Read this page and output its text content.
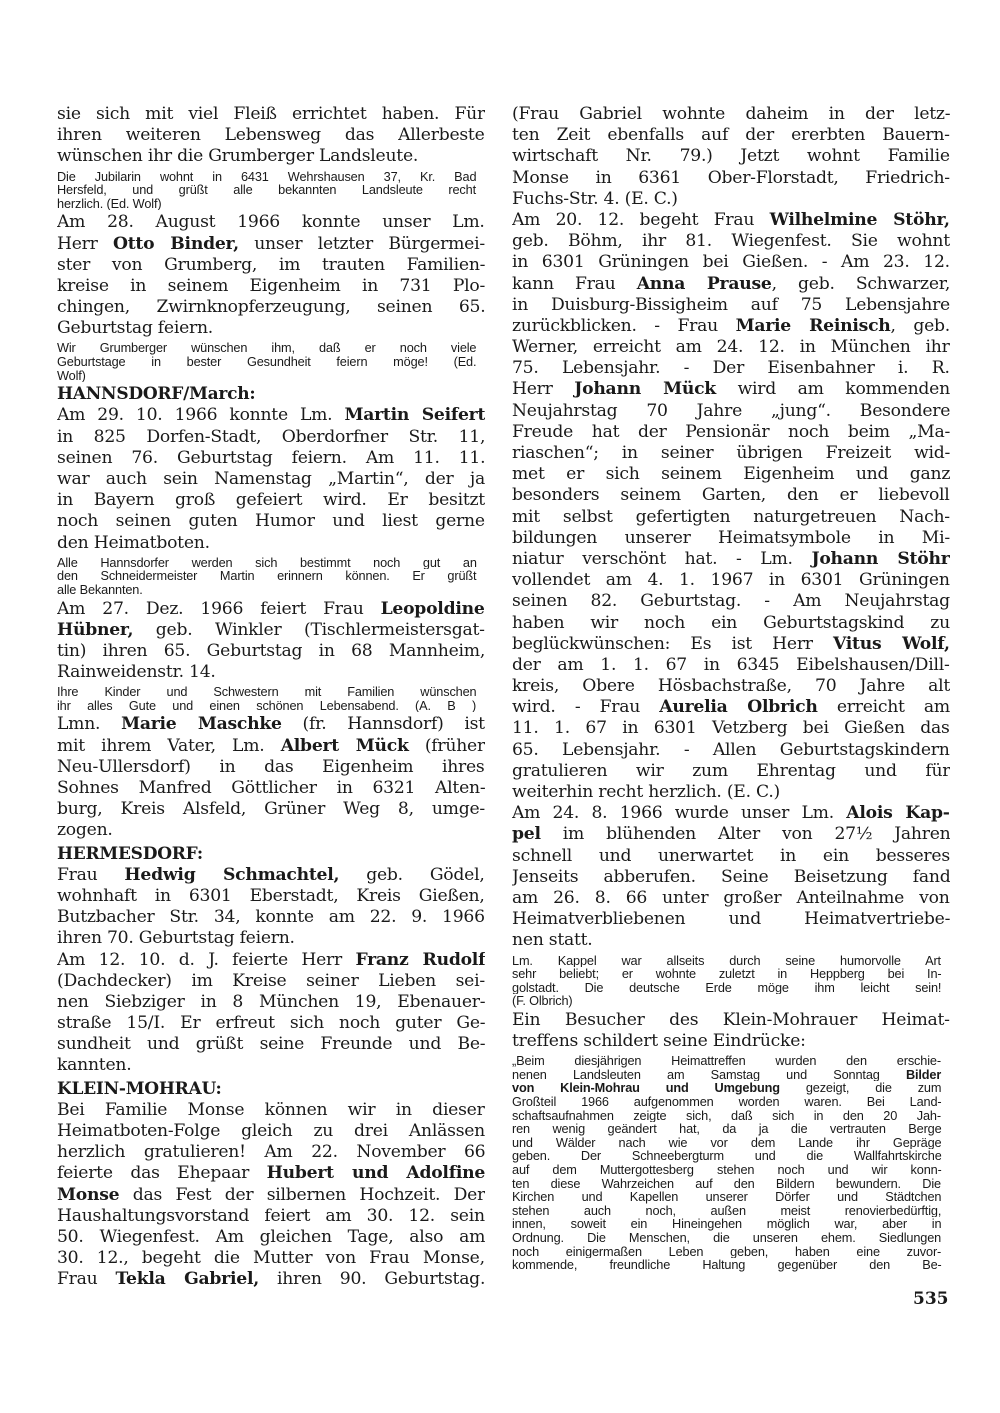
sie sich mit viel Fleiß errichtet haben. Für
ihren weiteren Lebensweg das Allerbeste
wünschen ihr die Grumberger Landsleute.
Die Jubilarin wohnt in 6431 Wehrshausen 37, Kr. Bad
Hersfeld, und grüßt alle bekannten Landsleute recht
herzlich. (Ed. Wolf)
Am 28. August 1966 konnte unser Lm.
Herr Otto Binder, unser letzter Bürgermei-
ster von Grumberg, im trauten Familien-
kreise in seinem Eigenheim in 731 Plo-
chingen, Zwirnknopferzeugung, seinen 65.
Geburtstag feiern.
Wir Grumberger wünschen ihm, daß er noch viele
Geburtstage in bester Gesundheit feiern möge! (Ed.
Wolf)
HANNSDORF/March:
Am 29. 10. 1966 konnte Lm. Martin Seifert
in 825 Dorfen-Stadt, Oberdorfner Str. 11,
seinen 76. Geburtstag feiern. Am 11. 11.
war auch sein Namenstag „Martin“, der ja
in Bayern groß gefeiert wird. Er besitzt
noch seinen guten Humor und liest gerne
den Heimatboten.
Alle Hannsdorfer werden sich bestimmt noch gut an
den Schneidermeister Martin erinnern können. Er grüßt
alle Bekannten.
Am 27. Dez. 1966 feiert Frau Leopoldine
Hübner, geb. Winkler (Tischlermeistersgat-
tin) ihren 65. Geburtstag in 68 Mannheim,
Rainweidenstr. 14.
Ihre Kinder und Schwestern mit Familien wünschen
ihr alles Gute und einen schönen Lebensabend. (A. B )
Lmn. Marie Maschke (fr. Hannsdorf) ist
mit ihrem Vater, Lm. Albert Mück (früher
Neu-Ullersdorf) in das Eigenheim ihres
Sohnes Manfred Göttlicher in 6321 Alten-
burg, Kreis Alsfeld, Grüner Weg 8, umge-
zogen.
HERMESDORF:
Frau Hedwig Schmachtel, geb. Gödel,
wohnhaft in 6301 Eberstadt, Kreis Gießen,
Butzbacher Str. 34, konnte am 22. 9. 1966
ihren 70. Geburtstag feiern.
Am 12. 10. d. J. feierte Herr Franz Rudolf
(Dachdecker) im Kreise seiner Lieben sei-
nen Siebziger in 8 München 19, Ebenauer-
straße 15/I. Er erfreut sich noch guter Ge-
sundheit und grüßt seine Freunde und Be-
kannten.
KLEIN-MOHRAU:
Bei Familie Monse können wir in dieser
Heimatboten-Folge gleich zu drei Anlässen
herzlich gratulieren! Am 22. November 66
feierte das Ehepaar Hubert und Adolfine
Monse das Fest der silbernen Hochzeit. Der
Haushaltungsvorstand feiert am 30. 12. sein
50. Wiegenfest. Am gleichen Tage, also am
30. 12., begeht die Mutter von Frau Monse,
Frau Tekla Gabriel, ihren 90. Geburtstag.
(Frau Gabriel wohnte daheim in der letz-
ten Zeit ebenfalls auf der ererbten Bauern-
wirtschaft Nr. 79.) Jetzt wohnt Familie
Monse in 6361 Ober-Florstadt, Friedrich-
Fuchs-Str. 4. (E. C.)
Am 20. 12. begeht Frau Wilhelmine Stöhr,
geb. Böhm, ihr 81. Wiegenfest. Sie wohnt
in 6301 Grüningen bei Gießen. - Am 23. 12.
kann Frau Anna Prause, geb. Schwarzer,
in Duisburg-Bissigheim auf 75 Lebensjahre
zurückblicken. - Frau Marie Reinisch, geb.
Werner, erreicht am 24. 12. in München ihr
75. Lebensjahr. - Der Eisenbahner i. R.
Herr Johann Mück wird am kommenden
Neujahrstag 70 Jahre „jung“. Besondere
Freude hat der Pensionär noch beim „Ma-
riaschen“; in seiner übrigen Freizeit wid-
met er sich seinem Eigenheim und ganz
besonders seinem Garten, den er liebevoll
mit selbst gefertigten naturgetreuen Nach-
bildungen unserer Heimatsymbole in Mi-
niatur verschönt hat. - Lm. Johann Stöhr
vollendet am 4. 1. 1967 in 6301 Grüningen
seinen 82. Geburtstag. - Am Neujahrstag
haben wir noch ein Geburtstagskind zu
beglückwünschen: Es ist Herr Vitus Wolf,
der am 1. 1. 67 in 6345 Eibelshausen/Dill-
kreis, Obere Hösbachstraße, 70 Jahre alt
wird. - Frau Aurelia Olbrich erreicht am
11. 1. 67 in 6301 Vetzberg bei Gießen das
65. Lebensjahr. - Allen Geburtstagskindern
gratulieren wir zum Ehrentag und für
weiterhin recht herzlich. (E. C.)
Am 24. 8. 1966 wurde unser Lm. Alois Kap-
pel im blühenden Alter von 27½ Jahren
schnell und unerwartet in ein besseres
Jenseits abberufen. Seine Beisetzung fand
am 26. 8. 66 unter großer Anteilnahme von
Heimatverbliebenen und Heimatvertriebe-
nen statt.
Lm. Kappel war allseits durch seine humorvolle Art
sehr beliebt; er wohnte zuletzt in Heppberg bei In-
golstadt. Die deutsche Erde möge ihm leicht sein!
(F. Olbrich)
Ein Besucher des Klein-Mohrauer Heimat-
treffens schildert seine Eindrücke:
„Beim diesjährigen Heimattreffen wurden den erschie-
nenen Landsleuten am Samstag und Sonntag Bilder
von Klein-Mohrau und Umgebung gezeigt, die zum
Großteil 1966 aufgenommen worden waren. Bei Land-
schaftsaufnahmen zeigte sich, daß sich in den 20 Jah-
ren wenig geändert hat, da ja die vertrauten Berge
und Wälder nach wie vor dem Lande ihr Gepräge
geben. Der Schneebergturm und die Wallfahrtskirche
auf dem Muttergottesberg stehen noch und wir konn-
ten diese Wahrzeichen auf den Bildern bewundern. Die
Kirchen und Kapellen unserer Dörfer und Städtchen
stehen auch noch, außen meist renovierbedürftig,
innen, soweit ein Hineingehen möglich war, aber in
Ordnung. Die Menschen, die unseren ehem. Siedlungen
noch einigermaßen Leben geben, haben eine zuvor-
kommende, freundliche Haltung gegenüber den Be-
535
